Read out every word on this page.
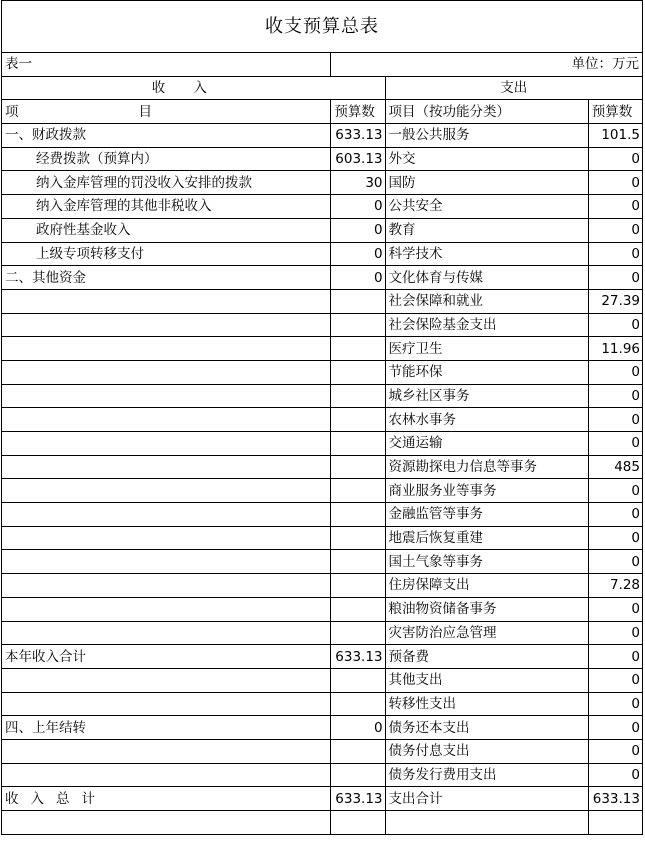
收支预算总表
表一	单位：万元		
收入		支出	
项 目	预算数	项目（按功能分类）	预算数
一、财政拨款	633.13	一般公共服务	101.5
经费拨款（预算内）	603.13	外交	0
纳入金库管理的罚没收入安排的拨款	30	国防	0
纳入金库管理的其他非税收入	0	公共安全	0
政府性基金收入	0	教育	0
上级专项转移支付	0	科学技术	0
二、其他资金	0	文化体育与传媒	0
		社会保障和就业	27.39
		社会保险基金支出	0
		医疗卫生	11.96
		节能环保	0
		城乡社区事务	0
		农林水事务	0
		交通运输	0
		资源勘探电力信息等事务	485
		商业服务业等事务	0
		金融监管等事务	0
		地震后恢复重建	0
		国土气象等事务	0
		住房保障支出	7.28
		粮油物资储备事务	0
		灾害防治应急管理	0
本年收入合计	633.13	预备费	0
		其他支出	0
		转移性支出	0
四、上年结转	0	债务还本支出	0
		债务付息支出	0
		债务发行费用支出	0
收入总计	633.13	支出合计	633.13
